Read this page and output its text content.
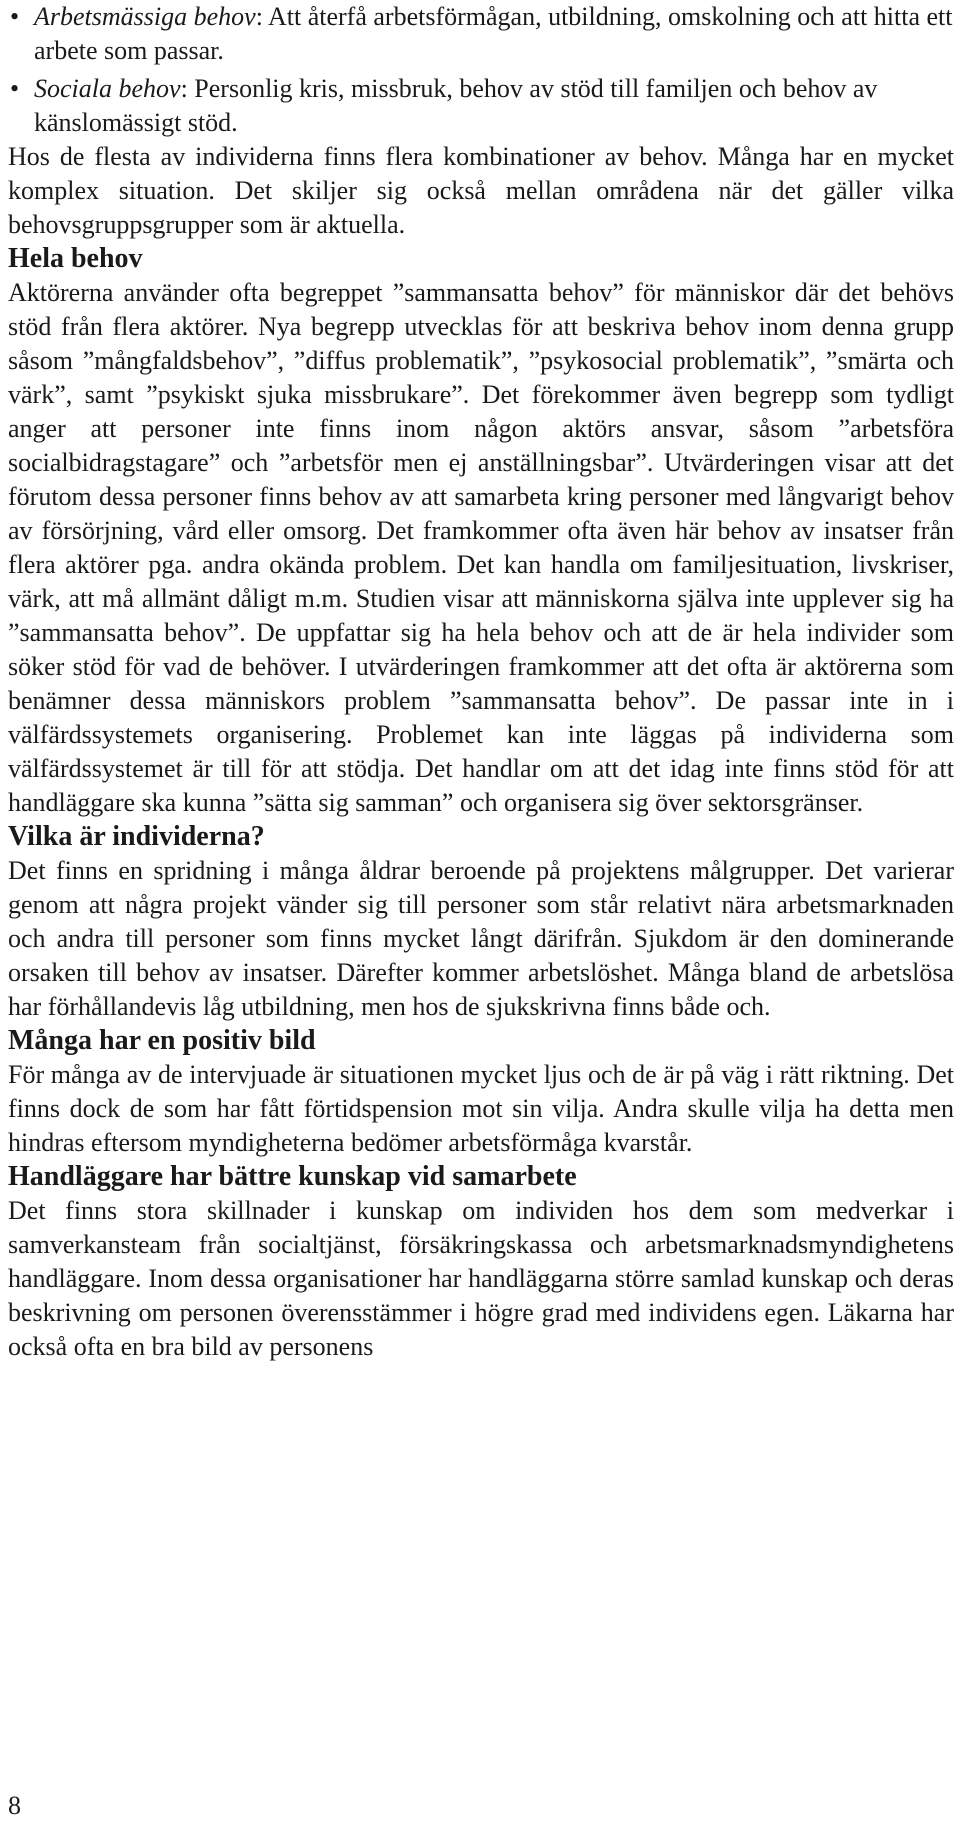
• Arbetsmässiga behov: Att återfå arbetsförmågan, utbildning, omskolning och att hitta ett arbete som passar.
• Sociala behov: Personlig kris, missbruk, behov av stöd till familjen och behov av känslomässigt stöd.

Hos de flesta av individerna finns flera kombinationer av behov. Många har en mycket komplex situation. Det skiljer sig också mellan områdena när det gäller vilka behovsgruppsgrupper som är aktuella.

Hela behov

Aktörerna använder ofta begreppet ”sammansatta behov” för människor där det behövs stöd från flera aktörer. Nya begrepp utvecklas för att beskriva behov inom denna grupp såsom ”mångfaldsbehov”, ”diffus problematik”, ”psykosocial problematik”, ”smärta och värk”, samt ”psykiskt sjuka missbrukare”. Det förekommer även begrepp som tydligt anger att personer inte finns inom någon aktörs ansvar, såsom ”arbetsföra socialbidragstagare” och ”arbetsför men ej anställningsbar”. Utvärderingen visar att det förutom dessa personer finns behov av att samarbeta kring personer med långvarigt behov av försörjning, vård eller omsorg. Det framkommer ofta även här behov av insatser från flera aktörer pga. andra okända problem. Det kan handla om familjesituation, livskriser, värk, att må allmänt dåligt m.m. Studien visar att människorna själva inte upplever sig ha ”sammansatta behov”. De uppfattar sig ha hela behov och att de är hela individer som söker stöd för vad de behöver. I utvärderingen framkommer att det ofta är aktörerna som benämner dessa människors problem ”sammansatta behov”. De passar inte in i välfärdssystemets organisering. Problemet kan inte läggas på individerna som välfärdssystemet är till för att stödja. Det handlar om att det idag inte finns stöd för att handläggare ska kunna ”sätta sig samman” och organisera sig över sektorsgränser.

Vilka är individerna?

Det finns en spridning i många åldrar beroende på projektens målgrupper. Det varierar genom att några projekt vänder sig till personer som står relativt nära arbetsmarknaden och andra till personer som finns mycket långt därifrån. Sjukdom är den dominerande orsaken till behov av insatser. Därefter kommer arbetslöshet. Många bland de arbetslösa har förhållandevis låg utbildning, men hos de sjukskrivna finns både och.

Många har en positiv bild

För många av de intervjuade är situationen mycket ljus och de är på väg i rätt riktning. Det finns dock de som har fått förtidspension mot sin vilja. Andra skulle vilja ha detta men hindras eftersom myndigheterna bedömer arbetsförmåga kvarstår.

Handläggare har bättre kunskap vid samarbete

Det finns stora skillnader i kunskap om individen hos dem som medverkar i samverkansteam från socialtjänst, försäkringskassa och arbetsmarknadsmyndighetens handläggare. Inom dessa organisationer har handläggarna större samlad kunskap och deras beskrivning om personen överensstämmer i högre grad med individens egen. Läkarna har också ofta en bra bild av personens

8
